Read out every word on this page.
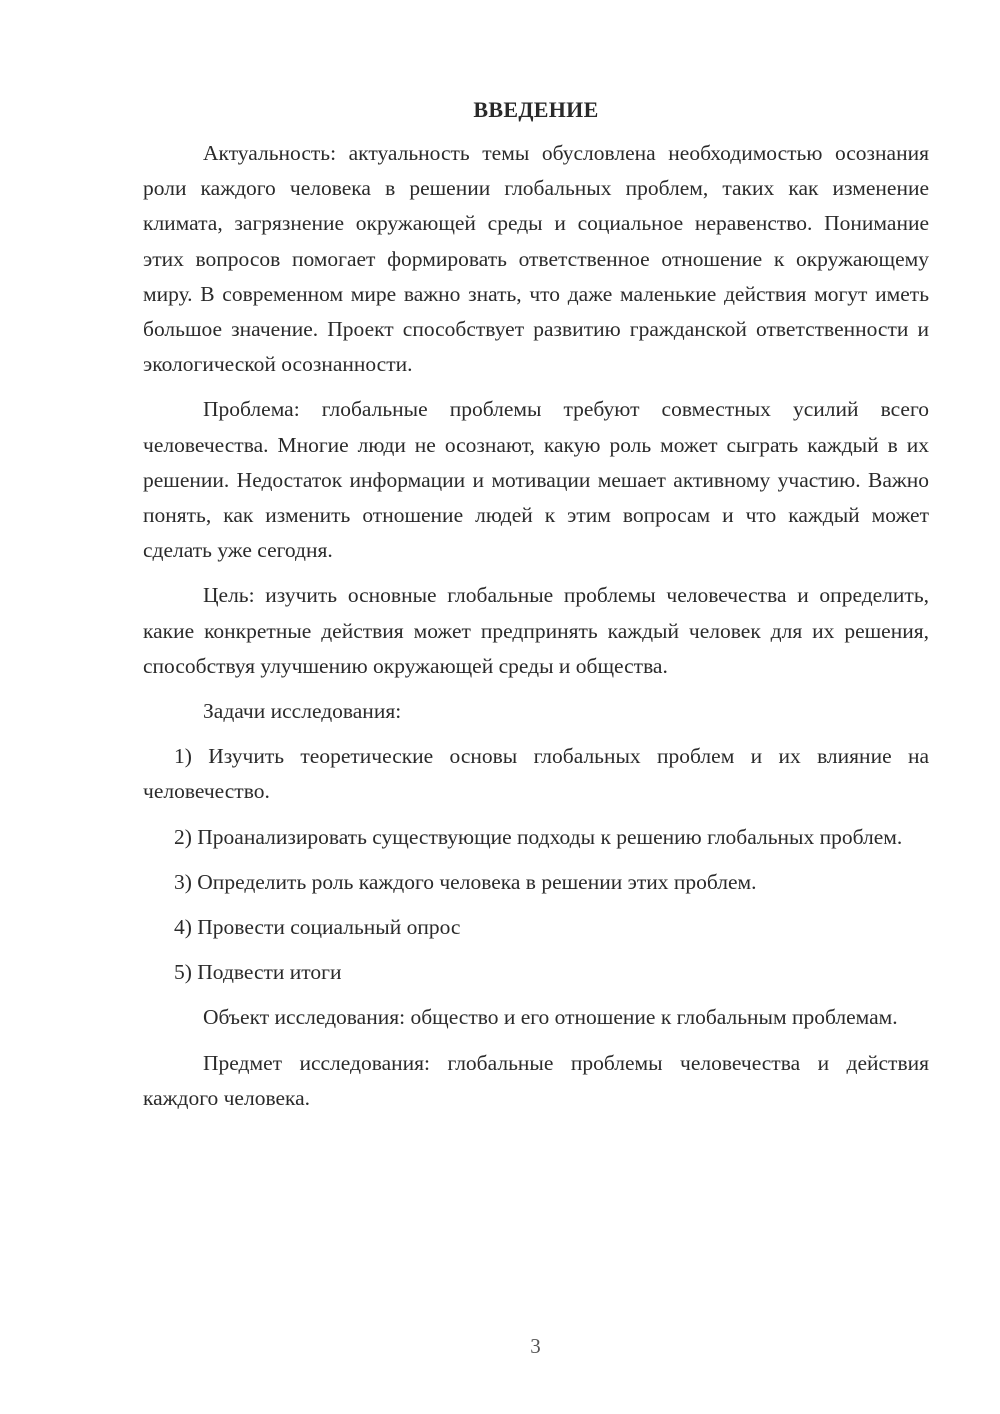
ВВЕДЕНИЕ

Актуальность: актуальность темы обусловлена необходимостью осознания роли каждого человека в решении глобальных проблем, таких как изменение климата, загрязнение окружающей среды и социальное неравенство. Понимание этих вопросов помогает формировать ответственное отношение к окружающему миру. В современном мире важно знать, что даже маленькие действия могут иметь большое значение. Проект способствует развитию гражданской ответственности и экологической осознанности.

Проблема: глобальные проблемы требуют совместных усилий всего человечества. Многие люди не осознают, какую роль может сыграть каждый в их решении. Недостаток информации и мотивации мешает активному участию. Важно понять, как изменить отношение людей к этим вопросам и что каждый может сделать уже сегодня.

Цель: изучить основные глобальные проблемы человечества и определить, какие конкретные действия может предпринять каждый человек для их решения, способствуя улучшению окружающей среды и общества.

Задачи исследования:

1) Изучить теоретические основы глобальных проблем и их влияние на человечество.

2) Проанализировать существующие подходы к решению глобальных проблем.

3) Определить роль каждого человека в решении этих проблем.

4) Провести социальный опрос

5) Подвести итоги

Объект исследования: общество и его отношение к глобальным проблемам.

Предмет исследования: глобальные проблемы человечества и действия каждого человека.

3
